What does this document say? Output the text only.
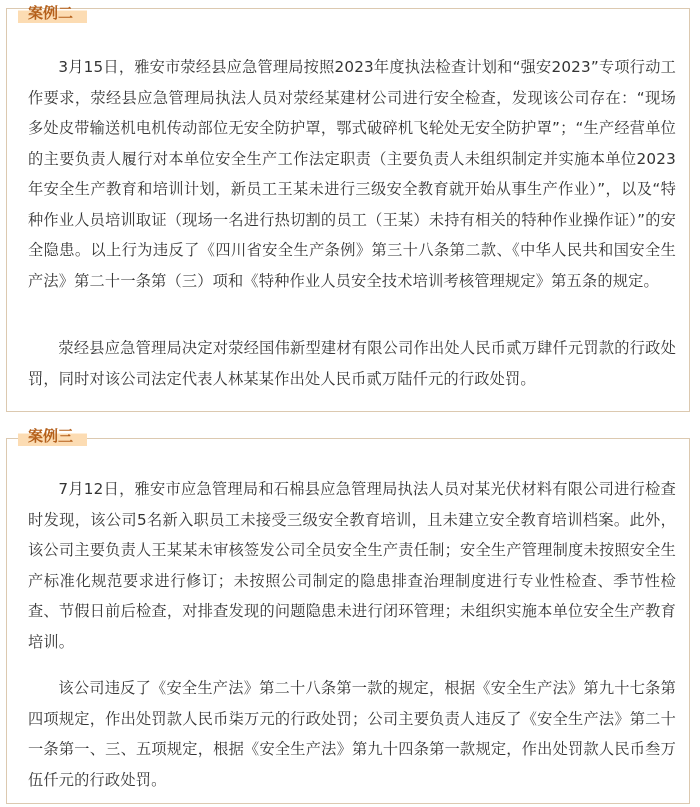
案例二

3月15日，雅安市荥经县应急管理局按照2023年度执法检查计划和“强安2023”专项行动工作要求，荥经县应急管理局执法人员对荥经某建材公司进行安全检查，发现该公司存在：“现场多处皮带输送机电机传动部位无安全防护罩，鄂式破碎机飞轮处无安全防护罩”；“生产经营单位的主要负责人履行对本单位安全生产工作法定职责（主要负责人未组织制定并实施本单位2023年安全生产教育和培训计划，新员工王某未进行三级安全教育就开始从事生产作业）”，以及“特种作业人员培训取证（现场一名进行热切割的员工（王某）未持有相关的特种作业操作证）”的安全隐患。以上行为违反了《四川省安全生产条例》第三十八条第二款、《中华人民共和国安全生产法》第二十一条第（三）项和《特种作业人员安全技术培训考核管理规定》第五条的规定。

荥经县应急管理局决定对荥经国伟新型建材有限公司作出处人民币贰万肆仟元罚款的行政处罚，同时对该公司法定代表人林某某作出处人民币贰万陆仟元的行政处罚。

案例三

7月12日，雅安市应急管理局和石棉县应急管理局执法人员对某光伏材料有限公司进行检查时发现，该公司5名新入职员工未接受三级安全教育培训，且未建立安全教育培训档案。此外，该公司主要负责人王某某未审核签发公司全员安全生产责任制；安全生产管理制度未按照安全生产标准化规范要求进行修订；未按照公司制定的隐患排查治理制度进行专业性检查、季节性检查、节假日前后检查，对排查发现的问题隐患未进行闭环管理；未组织实施本单位安全生产教育培训。

该公司违反了《安全生产法》第二十八条第一款的规定，根据《安全生产法》第九十七条第四项规定，作出处罚款人民币柒万元的行政处罚；公司主要负责人违反了《安全生产法》第二十一条第一、三、五项规定，根据《安全生产法》第九十四条第一款规定，作出处罚款人民币叁万伍仟元的行政处罚。
